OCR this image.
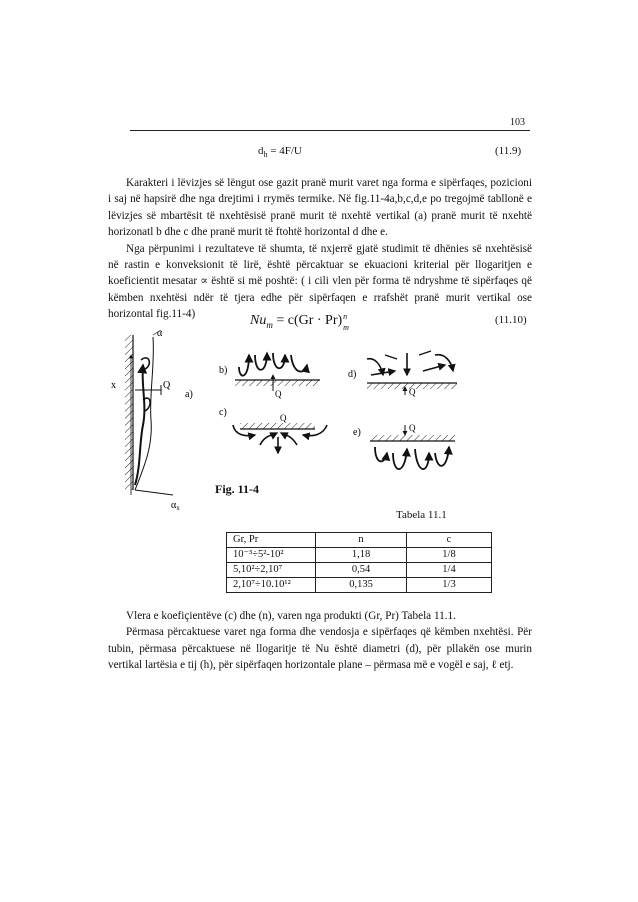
103
$d_h = 4F/U$	(11.9)

Karakteri i lëvizjes së lëngut ose gazit pranë murit varet nga forma e sipërfaqes, pozicioni i saj në hapsirë dhe nga drejtimi i rrymës termike. Në fig.11-4a,b,c,d,e po tregojmë tabllonë e lëvizjes së mbartësit të nxehtësisë pranë murit të nxehtë vertikal (a) pranë murit të nxehtë horizonatl b dhe c dhe pranë murit të ftohtë horizontal d dhe e.

Nga përpunimi i rezultateve të shumta, të nxjerrë gjatë studimit të dhënies së nxehtësisë në rastin e konveksionit të lirë, është përcaktuar se ekuacioni kriterial për llogaritjen e koeficientit mesatar ∝ është si më poshtë: ( i cili vlen për forma të ndryshme të sipërfaqes që këmben nxehtësi ndër të tjera edhe për sipërfaqen e rrafshët pranë murit vertikal ose horizontal fig.11-4)	$Nu_m = c(Gr \cdot Pr)$ n
m
(11.10)
α
x	Q
a)
$\alpha_x$
b)
Q
c)	Q
d)
Q
e)	Q
Fig. 11-4
Tabela 11.1
Gr, Pr	n	c
10⁻³÷5²-10²	1,18	1/8
5,10²÷2,10⁷	0,54	1/4
2,10⁷÷10.10¹²	0,135	1/3

Vlera e koefiçientëve (c) dhe (n), varen nga produkti (Gr, Pr) Tabela 11.1.

Përmasa përcaktuese varet nga forma dhe vendosja e sipërfaqes që këmben nxehtësi. Për tubin, përmasa përcaktuese në llogaritje të Nu është diametri (d), për pllakën ose murin vertikal lartësia e tij (h), për sipërfaqen horizontale plane – përmasa më e vogël e saj, ℓ etj.
